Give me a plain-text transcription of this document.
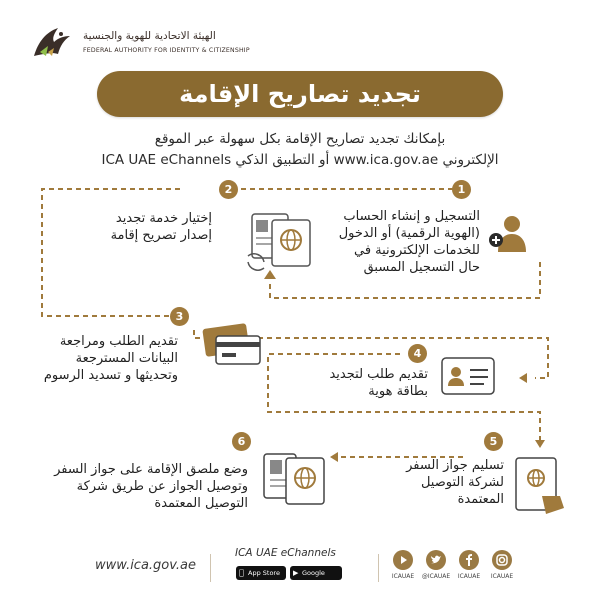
الهيئة الاتحادية للهوية والجنسية
FEDERAL AUTHORITY FOR IDENTITY & CITIZENSHIP
تجديد تصاريح الإقامة
بإمكانك تجديد تصاريح الإقامة بكل سهولة عبر الموقع
الإلكتروني www.ica.gov.ae أو التطبيق الذكي ICA UAE eChannels
1
2
3
4
5
6
التسجيل و إنشاء الحساب
(الهوية الرقمية) أو الدخول
للخدمات الإلكترونية في
حال التسجيل المسبق
إختيار خدمة تجديد
إصدار تصريح إقامة
تقديم الطلب ومراجعة
البيانات المسترجعة
وتحديثها و تسديد الرسوم	تقديم طلب لتجديد
بطاقة هوية
تسليم جواز السفر
لشركة التوصيل
المعتمدة
وضع ملصق الإقامة على جواز السفر
وتوصيل الجواز عن طريق شركة
التوصيل المعتمدة
www.ica.gov.ae
ICA UAE eChannels
App Store	▶ Google play
ICAUAE	@ICAUAE	ICAUAE	ICAUAE
